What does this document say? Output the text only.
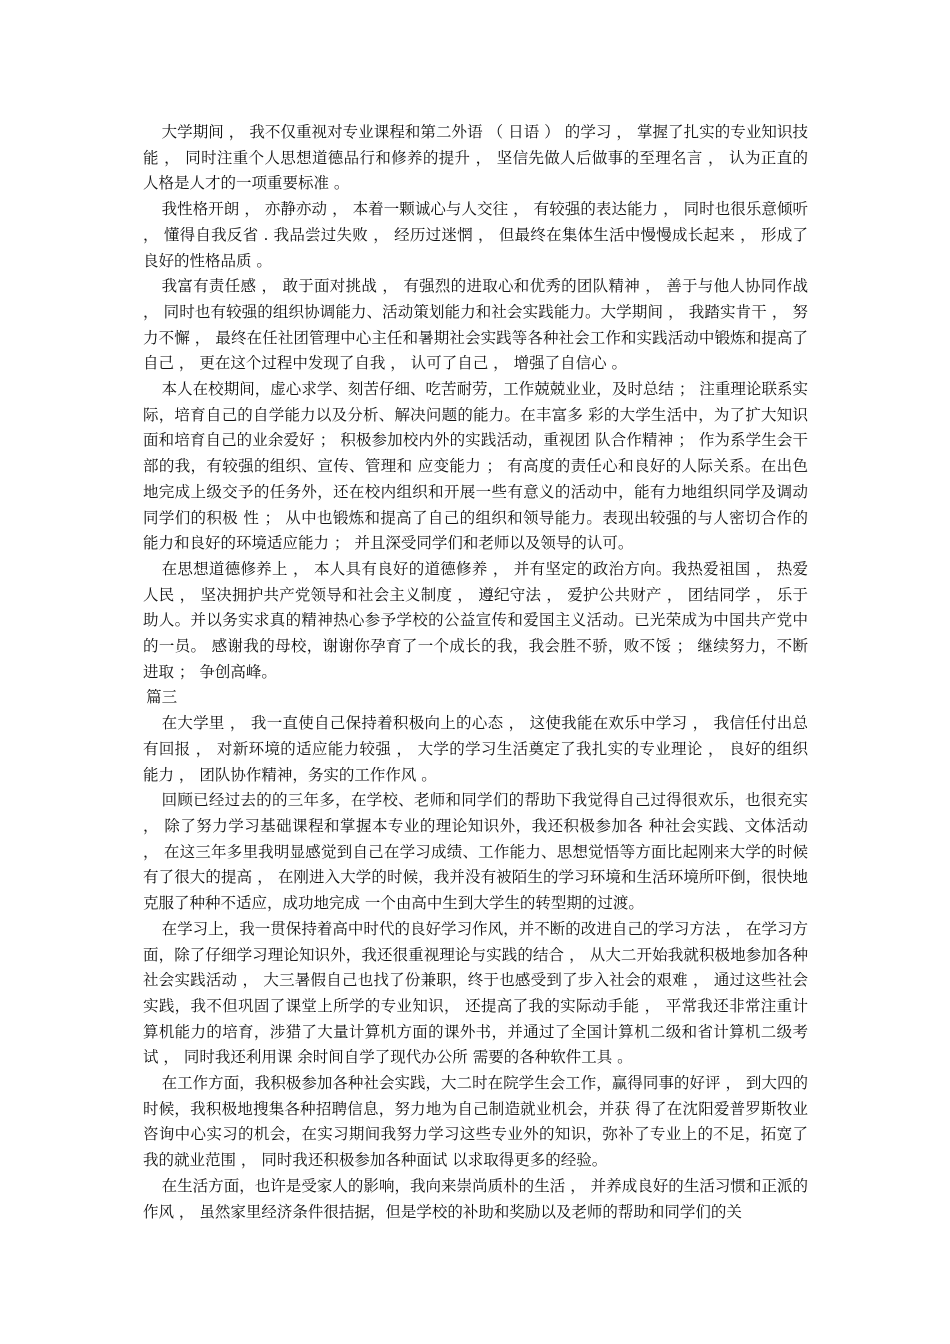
大学期间 ， 我不仅重视对专业课程和第二外语 （ 日语 ） 的学习 ， 掌握了扎实的专业知识技能 ， 同时注重个人思想道德品行和修养的提升 ， 坚信先做人后做事的至理名言 ， 认为正直的人格是人才的一项重要标准 。

我性格开朗 ， 亦静亦动 ， 本着一颗诚心与人交往 ， 有较强的表达能力 ， 同时也很乐意倾听 ， 懂得自我反省 . 我品尝过失败 ， 经历过迷惘 ， 但最终在集体生活中慢慢成长起来 ， 形成了良好的性格品质 。

我富有责任感 ， 敢于面对挑战 ， 有强烈的进取心和优秀的团队精神 ， 善于与他人协同作战 ， 同时也有较强的组织协调能力、活动策划能力和社会实践能力。大学期间 ， 我踏实肯干 ， 努力不懈 ， 最终在任社团管理中心主任和暑期社会实践等各种社会工作和实践活动中锻炼和提高了自己 ， 更在这个过程中发现了自我 ， 认可了自己 ， 增强了自信心 。

本人在校期间，虚心求学、刻苦仔细、吃苦耐劳，工作兢兢业业，及时总结 ； 注重理论联系实际，培育自己的自学能力以及分析、解决问题的能力。在丰富多 彩的大学生活中，为了扩大知识面和培育自己的业余爱好 ； 积极参加校内外的实践活动，重视团 队合作精神 ； 作为系学生会干部的我，有较强的组织、宣传、管理和 应变能力 ； 有高度的责任心和良好的人际关系。在出色地完成上级交予的任务外，还在校内组织和开展一些有意义的活动中，能有力地组织同学及调动同学们的积极 性 ； 从中也锻炼和提高了自己的组织和领导能力。表现出较强的与人密切合作的能力和良好的环境适应能力 ； 并且深受同学们和老师以及领导的认可。

在思想道德修养上 ， 本人具有良好的道德修养 ， 并有坚定的政治方向。我热爱祖国 ， 热爱人民 ， 坚决拥护共产党领导和社会主义制度 ， 遵纪守法 ， 爱护公共财产 ， 团结同学 ， 乐于 助人。并以务实求真的精神热心参予学校的公益宣传和爱国主义活动。已光荣成为中国共产党中的一员。 感谢我的母校，谢谢你孕育了一个成长的我，我会胜不骄，败不馁 ； 继续努力，不断进取 ； 争创高峰。

篇三

在大学里 ， 我一直使自己保持着积极向上的心态 ， 这使我能在欢乐中学习 ， 我信任付出总有回报 ， 对新环境的适应能力较强 ， 大学的学习生活奠定了我扎实的专业理论 ， 良好的组织能力 ， 团队协作精神，务实的工作作风 。

回顾已经过去的的三年多，在学校、老师和同学们的帮助下我觉得自己过得很欢乐，也很充实 ， 除了努力学习基础课程和掌握本专业的理论知识外，我还积极参加各 种社会实践、文体活动 ， 在这三年多里我明显感觉到自己在学习成绩、工作能力、思想觉悟等方面比起刚来大学的时候有了很大的提高 ， 在刚进入大学的时候，我并没有被陌生的学习环境和生活环境所吓倒，很快地克服了种种不适应，成功地完成 一个由高中生到大学生的转型期的过渡。

在学习上，我一贯保持着高中时代的良好学习作风，并不断的改进自己的学习方法 ， 在学习方面，除了仔细学习理论知识外，我还很重视理论与实践的结合 ， 从大二开始我就积极地参加各种社会实践活动 ， 大三暑假自己也找了份兼职，终于也感受到了步入社会的艰难 ， 通过这些社会实践，我不但巩固了课堂上所学的专业知识， 还提高了我的实际动手能 ， 平常我还非常注重计算机能力的培育，涉猎了大量计算机方面的课外书，并通过了全国计算机二级和省计算机二级考试 ， 同时我还利用课 余时间自学了现代办公所 需要的各种软件工具 。

在工作方面，我积极参加各种社会实践，大二时在院学生会工作，赢得同事的好评 ， 到大四的时候，我积极地搜集各种招聘信息，努力地为自己制造就业机会，并获 得了在沈阳爱普罗斯牧业咨询中心实习的机会，在实习期间我努力学习这些专业外的知识，弥补了专业上的不足，拓宽了我的就业范围 ， 同时我还积极参加各种面试 以求取得更多的经验。

在生活方面，也许是受家人的影响，我向来崇尚质朴的生活 ， 并养成良好的生活习惯和正派的作风 ， 虽然家里经济条件很拮据，但是学校的补助和奖励以及老师的帮助和同学们的关
